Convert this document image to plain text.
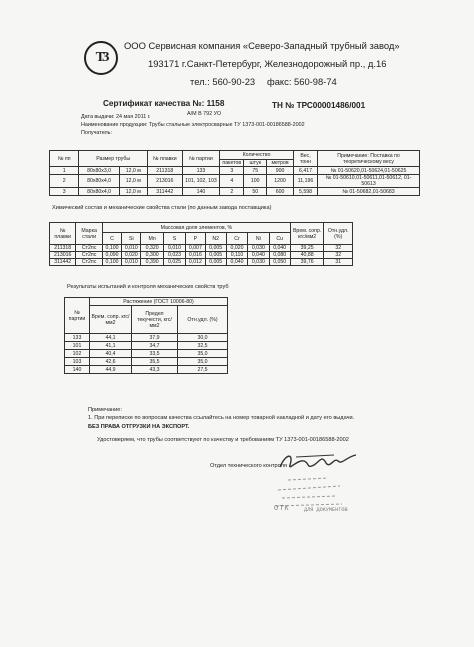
ТЗ
ООО Сервисная компания «Северо-Западный трубный завод»
193171 г.Санкт-Петербург, Железнодорожный пр., д.16
тел.: 560-90-23 факс: 560-98-74
Сертификат качества №: 1158	ТН № ТРС00001486/001
А/М В 792 УО
Дата выдачи: 24 мая 2011 г.
Наименование продукции: Трубы стальные электросварные ТУ 1373-001-00186588-2002
Получатель:
№ пп	Размер трубы		№ плавки	№ партии	Количество			Вес, тонн	Примечание: Поставка по теоретическому весу
					пакетов	штук	метров		
1	80x80x3,0	12,0 м	211318	133	3	75	900	6,417	№ 01-50620,01-50624,01-50625
2	80x80x4,0	12,0 м	213016	101, 102, 103	4	100	1200	11,196	№ 01-50610,01-50611,01-50612, 01-50613
3	80x80x4,0	12,0 м	311442	140	2	50	600	5,598	№ 01-50682,01-50683
Химический состав и механические свойства стали (по данным завода поставщика)
№ плавки	Марка стали	Массовая доля элементов, %									Врем. сопр. кгс/мм2	Отн.удл. (%)
		C	Si	Mn	S	P	N2	Cr	Ni	Cu		
211318	Ст2пс	0,100	0,010	0,320	0,010	0,007	0,005	0,020	0,030	0,040	39,25	32
213016	Ст2пс	0,090	0,020	0,300	0,023	0,016	0,005	0,110	0,040	0,080	40,88	32
311442	Ст2пс	0,100	0,010	0,390	0,025	0,012	0,005	0,040	0,030	0,050	39,76	31
Результаты испытаний и контроля механических свойств труб
№ партии	Растяжение (ГОСТ 10006-80)		
	Врем. сопр. кгс/мм2	Предел текучести, кгс/мм2	Отн.удл. (%)
133	44,1	37,9	30,0
101	41,1	34,7	32,5
102	40,4	33,5	35,0
103	42,6	35,5	35,0
140	44,9	43,3	27,5
Примечание:
1. При переписке по вопросам качества ссылайтесь на номер товарной накладной и дату его выдачи.
БЕЗ ПРАВА ОТГРУЗКИ НА ЭКСПОРТ.
Удостоверяем, что трубы соответствуют по качеству и требованиям ТУ 1373-001-00186588-2002
Отдел технического контроля
ОТК	ДЛЯ ДОКУМЕНТОВ
